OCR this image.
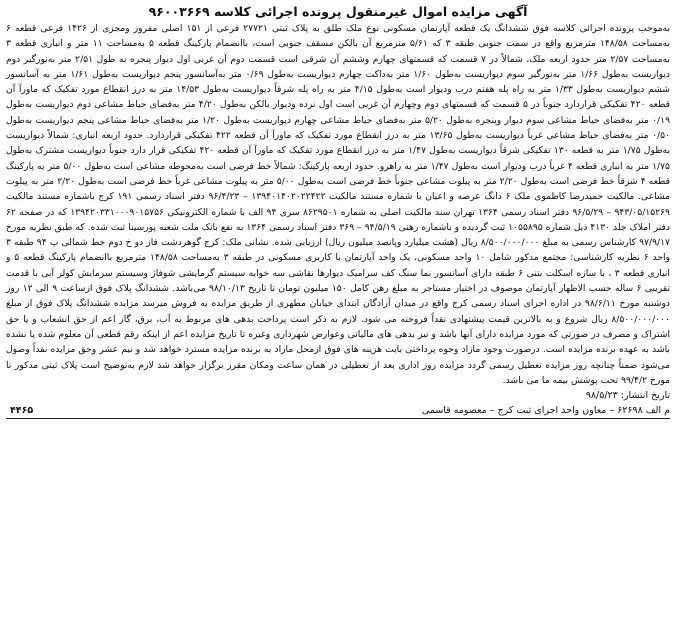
آگهی مزایده اموال غیرمنقول پرونده اجرائی کلاسه ۹۶۰۰۳۶۶۹

به‌موجب پرونده اجرائی کلاسه فوق ششدانگ یک قطعه آپارتمان مسکونی نوع ملک طلق به پلاک ثبتی ۲۷۷۲۱ فرعی از ۱۵۱ اصلی مفروز ومجزی از ۱۴۲۶ فرعی قطعه ۶ به‌مساحت ۱۴۸/۵۸ مترمربع واقع در سمت جنوبی طبقه ۳ که ۵/۶۱ مترمربع آن بالکن مسقف جنوبی است، باانضمام پارکینگ قطعه ۵ به‌مساحت ۱۱ متر و انباری قطعه ۳ به‌مساحت ۲/۵۷ متر حدود اربعه ملک، شمالاً در ۷ قسمت که قسمتهای چهارم وششم آن شرقی است قسمت دوم آن غربی اول دیوار پنجره به طول ۲/۵۱ متر به‌نورگیر دوم دیواریست به‌طول ۱/۶۶ متر به‌نورگیر سوم دیواریست به‌طول ۱/۶۰ متر به‌داکت چهارم دیواریست به‌طول ۰/۶۹ متر به‌آسانسور پنجم دیواریست به‌طول ۱/۶۱ متر به آسانسور ششم دیواریست به‌طول ۱/۳۳ متر به راه پله هفتم درب ودیوار است به‌طول ۴/۱۵ متر به راه پله شرقاً دیواریست به‌طول ۱۴/۵۳ متر به درز انقطاع مورد تفکیک که ماورآ آن قطعه ۴۲۰ تفکیکی قراردارد جنوباً در ۵ قسمت که قسمتهای دوم وچهارم آن غربی است اول نرده ودیوار بالکن به‌طول ۴/۲۰ متر به‌فضای حیاط مشاعی دوم دیواریست به‌طول ۰/۱۹ متر به‌فضای حیاط مشاعی سوم دیوار وپنجره به‌طول ۵/۲۰ متر به‌فضای حیاط مشاعی چهارم دیواریست به‌طول ۱/۲۰ متر به‌فضای حیاط مشاعی پنجم دیواریست به‌طول ۰/۵۰ متر به‌فضای حیاط مشاعی غرباً دیواریست به‌طول ۱۳/۶۵ متر به درز انقطاع مورد تفکیک که ماورآ آن قطعه ۴۲۲ تفکیکی قراردارد. حدود اربعه انباری: شمالاً دیواریست به‌طول ۱/۷۵ متر به قطعه ۱۳۰ تفکیکی شرقاً دیواریست به‌طول ۱/۴۷ متر به درز انقطاع مورد تفکیک که ماورآ آن قطعه ۴۲۰ تفکیکی قرار دارد جنوباً دیواریست مشترک به‌طول ۱/۷۵ متر به انباری قطعه ۴ غرباً درب ودیوار است به‌طول ۱/۴۷ متر به راهرو. حدود اربعه پارکینگ: شمالاً خط فرضی است به‌محوطه مشاعی است به‌طول ۵/۰۰ متر به پارکینگ قطعه ۴ شرقاً خط فرضی است به‌طول ۲/۲۰ متر به پیلوت مشاعی جنوباً خط فرضی است به‌طول ۵/۰۰ متر به پیلوت مشاعی غرباً خط فرضی است به‌طول ۲/۲۰ متر به پیلوت مشاعی. مالکیت حمیدرضا کاظموی ملک ۶ دانگ عرصه و اعیان با شماره مستند مالکیت ۱۳۹۴۰۱۴۰۲۰۲۲۴۲۲ – ۹۶/۴/۲۳ دفتر اسناد رسمی ۱۹۱ کرج باشماره مستند مالکیت ۹۴۳/۰۵/۱۵۲۶۹ – ۹۶/۵/۲۹ دفتر اسناد رسمی ۱۳۶۴ تهران سند مالکیت اصلی به شماره ۸۶۲۹۵۰۱ سری ۹۴ الف با شماره الکترونیکی ۱۳۹۴۲۰۳۳۱۰۰۰۹۰۱۵۷۵۶ که در صفحه ۶۲ دفتر املاک جلد ۴۱۳۰ ذیل شماره ۱۰۵۵۸۹۵ ثبت گردیده و باشماره رهنی ۹۴/۵/۱۹ – ۳۶۹ دفتر اسناد رسمی ۱۳۶۴ به نفع بانک ملت شعبه پورسینا ثبت شده. که طبق نظریه مورخ ۹۷/۹/۱۷ کارشناس رسمی به مبلغ ۸/۵۰۰/۰۰۰/۰۰۰ ریال (هشت میلیارد وپانصد میلیون ریال) ارزیابی شده. نشانی ملک: کرج گوهردشت فاز دو خ دوم خط شمالی پ ۹۴ طبقه ۳ واحد ۶ نظریه کارشناسی: مجتمع مذکور شامل ۱۰ واحد مسکونی، یک واحد آپارتمان با کاربری مسکونی در طبقه ۳ به‌مساحت ۱۴۸/۵۸ مترمربع باانضمام پارکینگ قطعه ۵ و انباری قطعه ۳ ، با سازه اسکلت بتنی ۶ طبقه دارای آسانسور نما سنگ کف سرامیک دیوارها نقاشی سه خوابه سیستم گرمایشی شوفاژ وسیستم سرمایش کولر آبی با قدمت تقریبی ۶ ساله حسب الاظهار آپارتمان موصوف در اختیار مستاجر به مبلغ رهن کامل ۱۵۰ میلیون تومان تا تاریخ ۹۸/۱۰/۱۳ می‌باشد. ششدانگ پلاک فوق ازساعت ۹ الی ۱۲ روز دوشنبه مورخ ۹۸/۶/۱۱ در اداره اجرای اسناد رسمی کرج واقع در میدان آزادگان ابتدای خیابان مطهری از طریق مزایده به فروش میرسد مزایده ششدانگ پلاک فوق از مبلغ ۸/۵۰۰/۰۰۰/۰۰۰ ریال شروع و به بالاترین قیمت پیشنهادی نقداً فروخته می شود. لازم به ذکر است پرداخت بدهی های مربوط به آب، برق، گاز اعم از حق انشعاب و یا حق اشتراک و مصرف در صورتی که مورد مزایده دارای آنها باشد و نیز بدهی های مالیاتی وعوارض شهرداری وغیره تا تاریخ مزایده اعم از اینکه رقم قطعی آن معلوم شده یا نشده باشد به عهده برنده مزایده است. درصورت وجود مازاد وجوه پرداختی بابت هزینه های فوق ازمحل مازاد به برنده مزایده مسترد خواهد شد و نیم عشر وحق مزایده نقداً وصول می‌شود ضمناً چنانچه روز مزایده تعطیل رسمی گردد مزایده روز اداری بعد از تعطیلی در همان ساعت ومکان مقرر برگزار خواهد شد لازم به‌توضیح است پلاک ثبتی مذکور تا مورخ ۹۹/۴/۲ تحت پوشش بیمه ما می باشد.

تاریخ انتشار: ۹۸/۵/۲۳

م الف ۶۲۶۹۸ – معاون واحد اجرای ثبت کرج – معصومه قاسمی
۴۴۶۵
